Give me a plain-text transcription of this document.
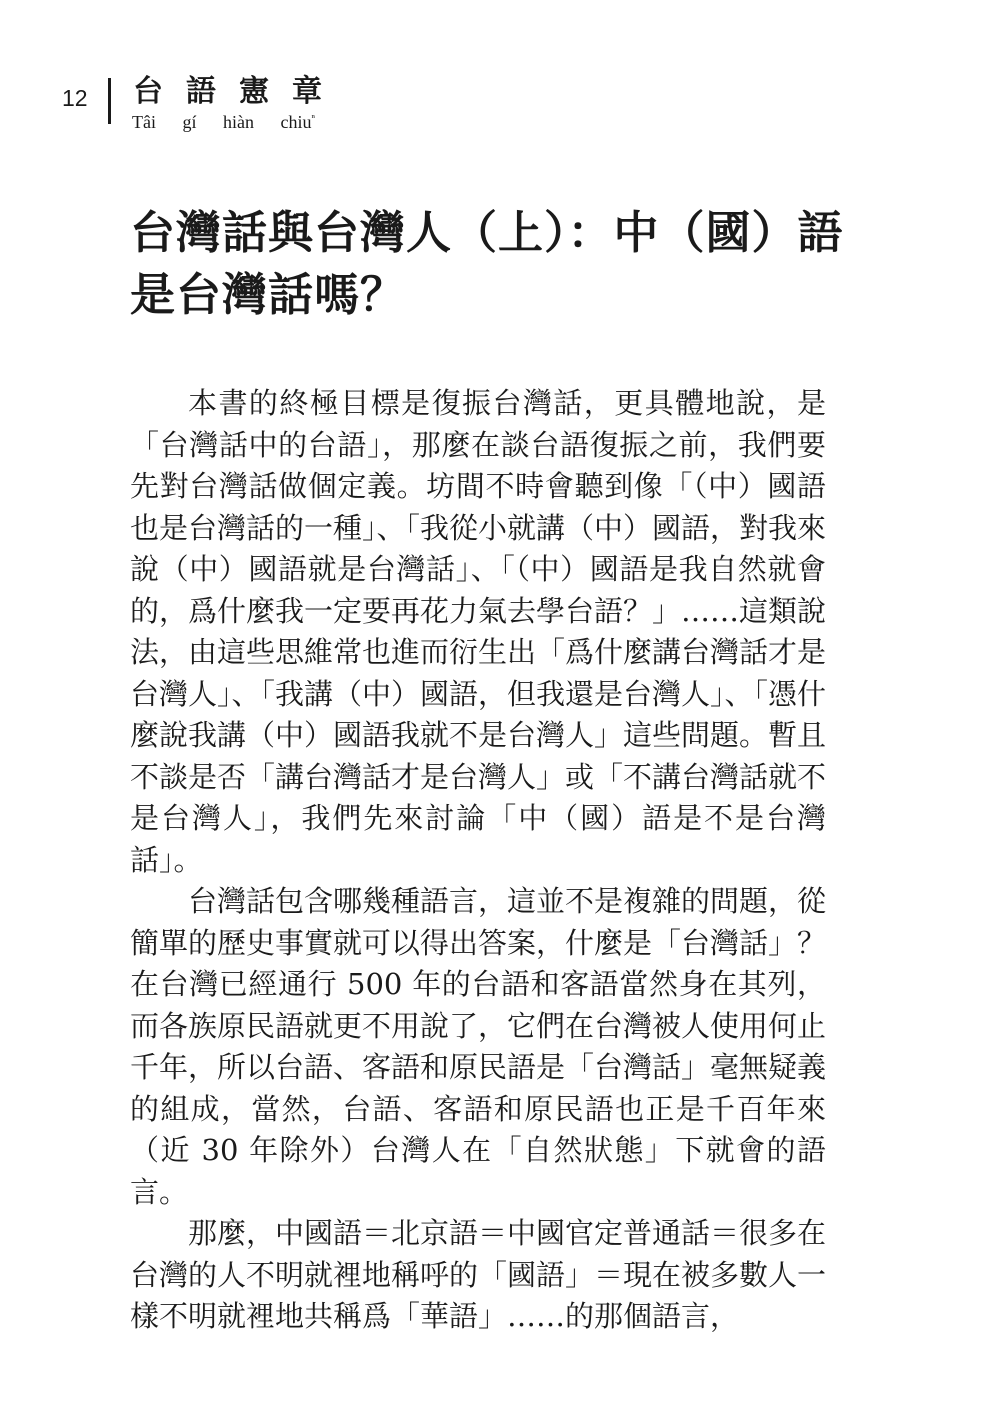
12 台語憲章
Tâi gí hiàn chiu$^{^n}$
台灣話與台灣人（上）：中（國）語是台灣話嗎？

本書的終極目標是復振台灣話，更具體地說，是「台灣話中的台語」，那麼在談台語復振之前，我們要先對台灣話做個定義。坊間不時會聽到像「（中）國語也是台灣話的一種」、「我從小就講（中）國語，對我來說（中）國語就是台灣話」、「（中）國語是我自然就會的，爲什麼我一定要再花力氣去學台語？」……這類說法，由這些思維常也進而衍生出「爲什麼講台灣話才是台灣人」、「我講（中）國語，但我還是台灣人」、「憑什麼說我講（中）國語我就不是台灣人」這些問題。暫且不談是否「講台灣話才是台灣人」或「不講台灣話就不是台灣人」，我們先來討論「中（國）語是不是台灣話」。

台灣話包含哪幾種語言，這並不是複雜的問題，從簡單的歷史事實就可以得出答案，什麼是「台灣話」？在台灣已經通行 500 年的台語和客語當然身在其列，而各族原民語就更不用說了，它們在台灣被人使用何止千年，所以台語、客語和原民語是「台灣話」毫無疑義的組成，當然，台語、客語和原民語也正是千百年來（近 30 年除外）台灣人在「自然狀態」下就會的語言。

那麼，中國語＝北京語＝中國官定普通話＝很多在台灣的人不明就裡地稱呼的「國語」＝現在被多數人一樣不明就裡地共稱爲「華語」……的那個語言，
